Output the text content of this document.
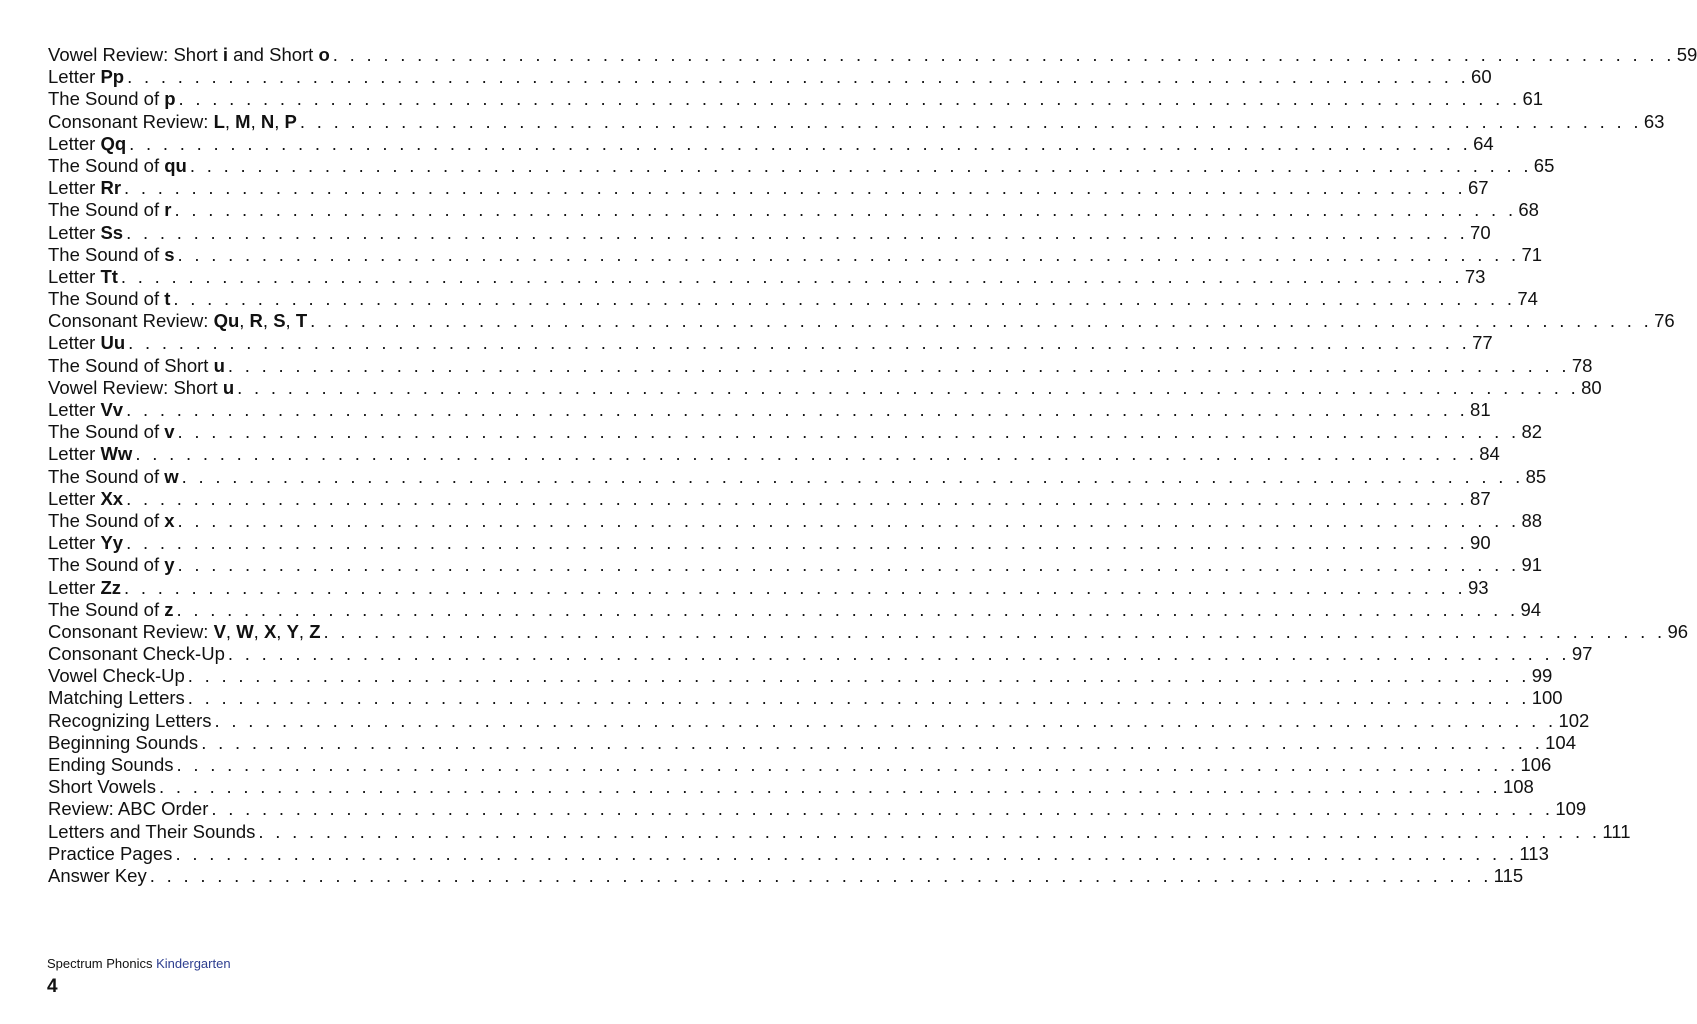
Vowel Review: Short i and Short o . . . . . . . . . . . . . . . . . . . . . . . . . . . . . . . . . . . . . . . . . . . . . . . . . . . . . . . . . . . . . . . . . . . . . . . . . . . . . . . . 59
Letter Pp . . . . . . . . . . . . . . . . . . . . . . . . . . . . . . . . . . . . . . . . . . . . . . . . . . . . . . . . . . . . . . . . . . . . . . . . . . . . . . . . 60
The Sound of p . . . . . . . . . . . . . . . . . . . . . . . . . . . . . . . . . . . . . . . . . . . . . . . . . . . . . . . . . . . . . . . . . . . . . . . . . . . . . . . . 61
Consonant Review: L, M, N, P . . . . . . . . . . . . . . . . . . . . . . . . . . . . . . . . . . . . . . . . . . . . . . . . . . . . . . . . . . . . . . . . . . . . . . . . . . . . . . . . 63
Letter Qq . . . . . . . . . . . . . . . . . . . . . . . . . . . . . . . . . . . . . . . . . . . . . . . . . . . . . . . . . . . . . . . . . . . . . . . . . . . . . . . . 64
The Sound of qu . . . . . . . . . . . . . . . . . . . . . . . . . . . . . . . . . . . . . . . . . . . . . . . . . . . . . . . . . . . . . . . . . . . . . . . . . . . . . . . . 65
Letter Rr . . . . . . . . . . . . . . . . . . . . . . . . . . . . . . . . . . . . . . . . . . . . . . . . . . . . . . . . . . . . . . . . . . . . . . . . . . . . . . . . 67
The Sound of r . . . . . . . . . . . . . . . . . . . . . . . . . . . . . . . . . . . . . . . . . . . . . . . . . . . . . . . . . . . . . . . . . . . . . . . . . . . . . . . . 68
Letter Ss . . . . . . . . . . . . . . . . . . . . . . . . . . . . . . . . . . . . . . . . . . . . . . . . . . . . . . . . . . . . . . . . . . . . . . . . . . . . . . . . 70
The Sound of s . . . . . . . . . . . . . . . . . . . . . . . . . . . . . . . . . . . . . . . . . . . . . . . . . . . . . . . . . . . . . . . . . . . . . . . . . . . . . . . . 71
Letter Tt . . . . . . . . . . . . . . . . . . . . . . . . . . . . . . . . . . . . . . . . . . . . . . . . . . . . . . . . . . . . . . . . . . . . . . . . . . . . . . . . 73
The Sound of t . . . . . . . . . . . . . . . . . . . . . . . . . . . . . . . . . . . . . . . . . . . . . . . . . . . . . . . . . . . . . . . . . . . . . . . . . . . . . . . . 74
Consonant Review: Qu, R, S, T . . . . . . . . . . . . . . . . . . . . . . . . . . . . . . . . . . . . . . . . . . . . . . . . . . . . . . . . . . . . . . . . . . . . . . . . . . . . . . . . 76
Letter Uu . . . . . . . . . . . . . . . . . . . . . . . . . . . . . . . . . . . . . . . . . . . . . . . . . . . . . . . . . . . . . . . . . . . . . . . . . . . . . . . . 77
The Sound of Short u . . . . . . . . . . . . . . . . . . . . . . . . . . . . . . . . . . . . . . . . . . . . . . . . . . . . . . . . . . . . . . . . . . . . . . . . . . . . . . . . 78
Vowel Review: Short u . . . . . . . . . . . . . . . . . . . . . . . . . . . . . . . . . . . . . . . . . . . . . . . . . . . . . . . . . . . . . . . . . . . . . . . . . . . . . . . . 80
Letter Vv . . . . . . . . . . . . . . . . . . . . . . . . . . . . . . . . . . . . . . . . . . . . . . . . . . . . . . . . . . . . . . . . . . . . . . . . . . . . . . . . 81
The Sound of v . . . . . . . . . . . . . . . . . . . . . . . . . . . . . . . . . . . . . . . . . . . . . . . . . . . . . . . . . . . . . . . . . . . . . . . . . . . . . . . . 82
Letter Ww . . . . . . . . . . . . . . . . . . . . . . . . . . . . . . . . . . . . . . . . . . . . . . . . . . . . . . . . . . . . . . . . . . . . . . . . . . . . . . . . 84
The Sound of w . . . . . . . . . . . . . . . . . . . . . . . . . . . . . . . . . . . . . . . . . . . . . . . . . . . . . . . . . . . . . . . . . . . . . . . . . . . . . . . . 85
Letter Xx . . . . . . . . . . . . . . . . . . . . . . . . . . . . . . . . . . . . . . . . . . . . . . . . . . . . . . . . . . . . . . . . . . . . . . . . . . . . . . . . 87
The Sound of x . . . . . . . . . . . . . . . . . . . . . . . . . . . . . . . . . . . . . . . . . . . . . . . . . . . . . . . . . . . . . . . . . . . . . . . . . . . . . . . . 88
Letter Yy . . . . . . . . . . . . . . . . . . . . . . . . . . . . . . . . . . . . . . . . . . . . . . . . . . . . . . . . . . . . . . . . . . . . . . . . . . . . . . . . 90
The Sound of y . . . . . . . . . . . . . . . . . . . . . . . . . . . . . . . . . . . . . . . . . . . . . . . . . . . . . . . . . . . . . . . . . . . . . . . . . . . . . . . . 91
Letter Zz . . . . . . . . . . . . . . . . . . . . . . . . . . . . . . . . . . . . . . . . . . . . . . . . . . . . . . . . . . . . . . . . . . . . . . . . . . . . . . . . 93
The Sound of z . . . . . . . . . . . . . . . . . . . . . . . . . . . . . . . . . . . . . . . . . . . . . . . . . . . . . . . . . . . . . . . . . . . . . . . . . . . . . . . . 94
Consonant Review: V, W, X, Y, Z . . . . . . . . . . . . . . . . . . . . . . . . . . . . . . . . . . . . . . . . . . . . . . . . . . . . . . . . . . . . . . . . . . . . . . . . . . . . . . . . 96
Consonant Check-Up . . . . . . . . . . . . . . . . . . . . . . . . . . . . . . . . . . . . . . . . . . . . . . . . . . . . . . . . . . . . . . . . . . . . . . . . . . . . . . . . 97
Vowel Check-Up . . . . . . . . . . . . . . . . . . . . . . . . . . . . . . . . . . . . . . . . . . . . . . . . . . . . . . . . . . . . . . . . . . . . . . . . . . . . . . . . 99
Matching Letters . . . . . . . . . . . . . . . . . . . . . . . . . . . . . . . . . . . . . . . . . . . . . . . . . . . . . . . . . . . . . . . . . . . . . . . . . . . . . . . . 100
Recognizing Letters . . . . . . . . . . . . . . . . . . . . . . . . . . . . . . . . . . . . . . . . . . . . . . . . . . . . . . . . . . . . . . . . . . . . . . . . . . . . . . . . 102
Beginning Sounds . . . . . . . . . . . . . . . . . . . . . . . . . . . . . . . . . . . . . . . . . . . . . . . . . . . . . . . . . . . . . . . . . . . . . . . . . . . . . . . . 104
Ending Sounds . . . . . . . . . . . . . . . . . . . . . . . . . . . . . . . . . . . . . . . . . . . . . . . . . . . . . . . . . . . . . . . . . . . . . . . . . . . . . . . . 106
Short Vowels . . . . . . . . . . . . . . . . . . . . . . . . . . . . . . . . . . . . . . . . . . . . . . . . . . . . . . . . . . . . . . . . . . . . . . . . . . . . . . . . 108
Review: ABC Order . . . . . . . . . . . . . . . . . . . . . . . . . . . . . . . . . . . . . . . . . . . . . . . . . . . . . . . . . . . . . . . . . . . . . . . . . . . . . . . . 109
Letters and Their Sounds . . . . . . . . . . . . . . . . . . . . . . . . . . . . . . . . . . . . . . . . . . . . . . . . . . . . . . . . . . . . . . . . . . . . . . . . . . . . . . . . 111
Practice Pages . . . . . . . . . . . . . . . . . . . . . . . . . . . . . . . . . . . . . . . . . . . . . . . . . . . . . . . . . . . . . . . . . . . . . . . . . . . . . . . . 113
Answer Key . . . . . . . . . . . . . . . . . . . . . . . . . . . . . . . . . . . . . . . . . . . . . . . . . . . . . . . . . . . . . . . . . . . . . . . . . . . . . . . . 115
Spectrum Phonics Kindergarten
4
